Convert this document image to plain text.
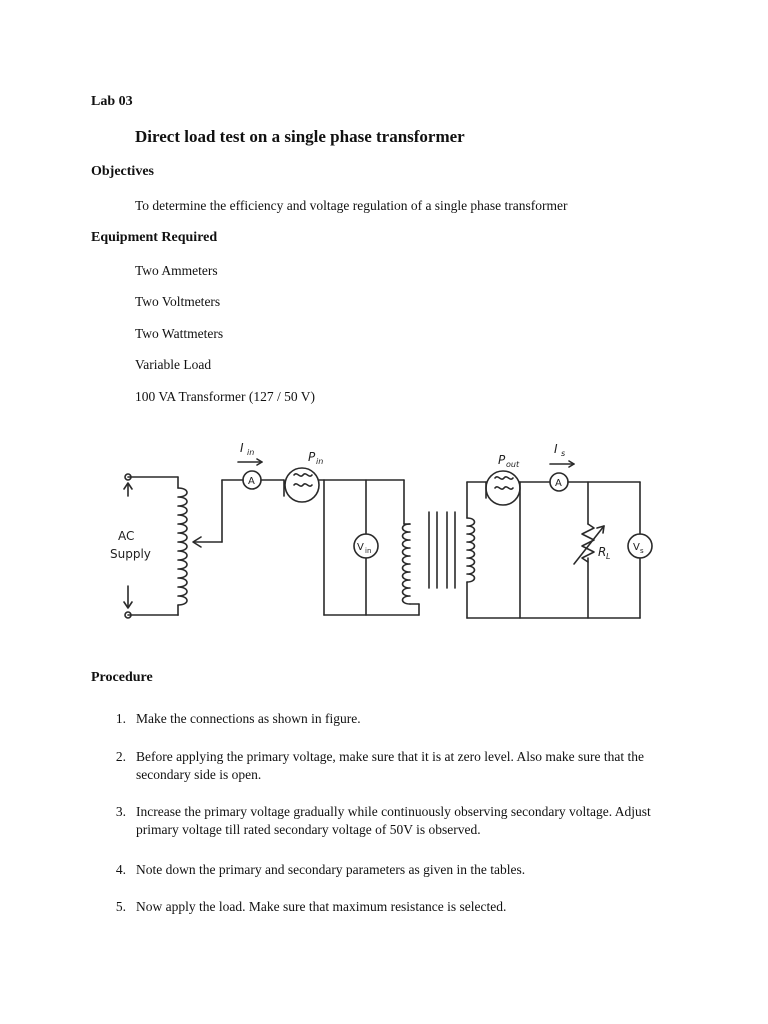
Lab 03
Direct load test on a single phase transformer
Objectives
To determine the efficiency and voltage regulation of a single phase transformer
Equipment Required
Two Ammeters
Two Voltmeters
Two Wattmeters
Variable Load
100 VA Transformer (127 / 50 V)
AC
Supply
A
I in	P in
V in
P out
A
I s
R L
V s
Procedure
1. Make the connections as shown in figure.
2. Before applying the primary voltage, make sure that it is at zero level. Also make sure that the secondary side is open.
3. Increase the primary voltage gradually while continuously observing secondary voltage. Adjust primary voltage till rated secondary voltage of 50V is observed.
4. Note down the primary and secondary parameters as given in the tables.
5. Now apply the load. Make sure that maximum resistance is selected.
